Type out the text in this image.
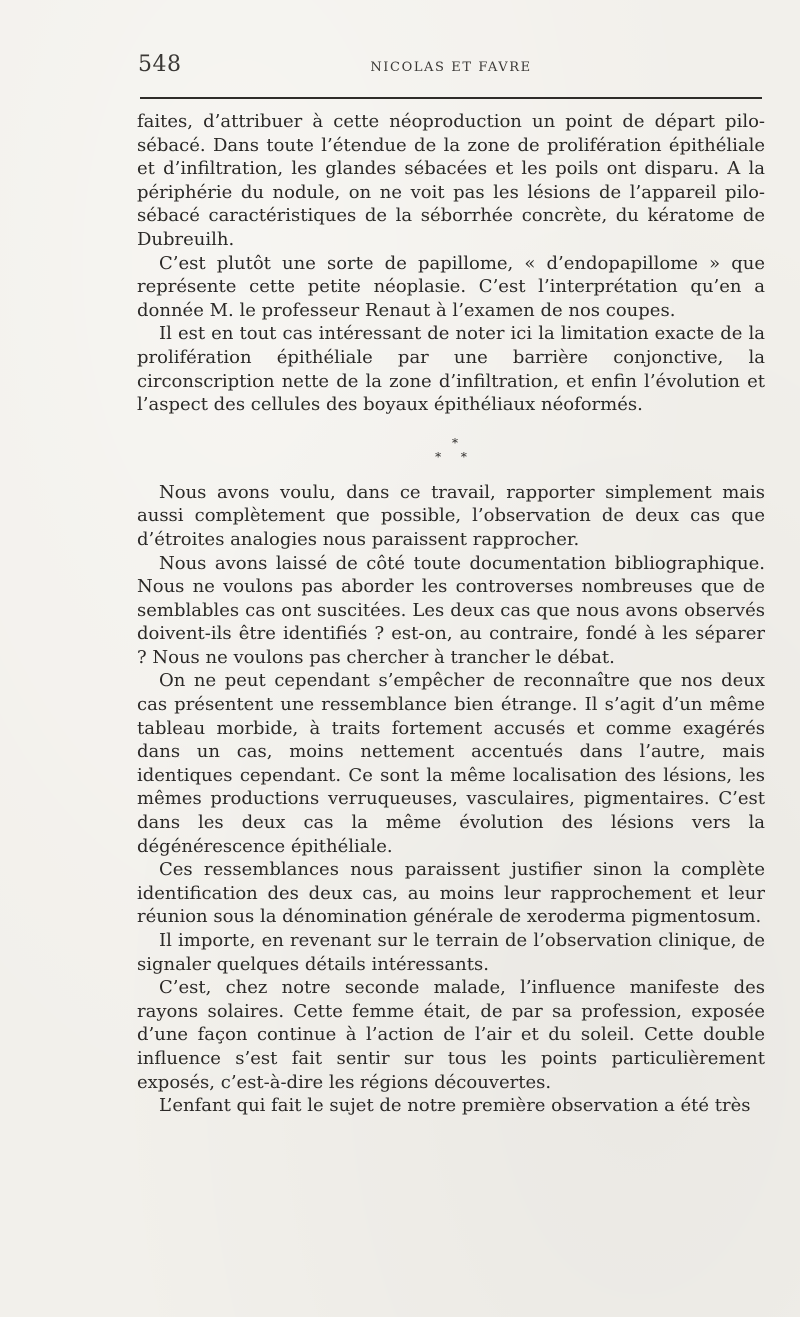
548	NICOLAS ET FAVRE

faites, d’attribuer à cette néoproduction un point de départ pilo-sébacé. Dans toute l’étendue de la zone de prolifération épithéliale et d’infiltration, les glandes sébacées et les poils ont disparu. A la périphérie du nodule, on ne voit pas les lésions de l’appareil pilo-sébacé caractéristiques de la séborrhée concrète, du kératome de Dubreuilh.

C’est plutôt une sorte de papillome, « d’endopapillome » que représente cette petite néoplasie. C’est l’interprétation qu’en a donnée M. le professeur Renaut à l’examen de nos coupes.

Il est en tout cas intéressant de noter ici la limitation exacte de la prolifération épithéliale par une barrière conjonctive, la circonscription nette de la zone d’infiltration, et enfin l’évolution et l’aspect des cellules des boyaux épithéliaux néoformés.

*
* *

Nous avons voulu, dans ce travail, rapporter simplement mais aussi complètement que possible, l’observation de deux cas que d’étroites analogies nous paraissent rapprocher.

Nous avons laissé de côté toute documentation bibliographique. Nous ne voulons pas aborder les controverses nombreuses que de semblables cas ont suscitées. Les deux cas que nous avons observés doivent-ils être identifiés ? est-on, au contraire, fondé à les séparer ? Nous ne voulons pas chercher à trancher le débat.

On ne peut cependant s’empêcher de reconnaître que nos deux cas présentent une ressemblance bien étrange. Il s’agit d’un même tableau morbide, à traits fortement accusés et comme exagérés dans un cas, moins nettement accentués dans l’autre, mais identiques cependant. Ce sont la même localisation des lésions, les mêmes productions verruqueuses, vasculaires, pigmentaires. C’est dans les deux cas la même évolution des lésions vers la dégénérescence épithéliale.

Ces ressemblances nous paraissent justifier sinon la complète identification des deux cas, au moins leur rapprochement et leur réunion sous la dénomination générale de xeroderma pigmentosum.

Il importe, en revenant sur le terrain de l’observation clinique, de signaler quelques détails intéressants.

C’est, chez notre seconde malade, l’influence manifeste des rayons solaires. Cette femme était, de par sa profession, exposée d’une façon continue à l’action de l’air et du soleil. Cette double influence s’est fait sentir sur tous les points particulièrement exposés, c’est-à-dire les régions découvertes.

L’enfant qui fait le sujet de notre première observation a été très
